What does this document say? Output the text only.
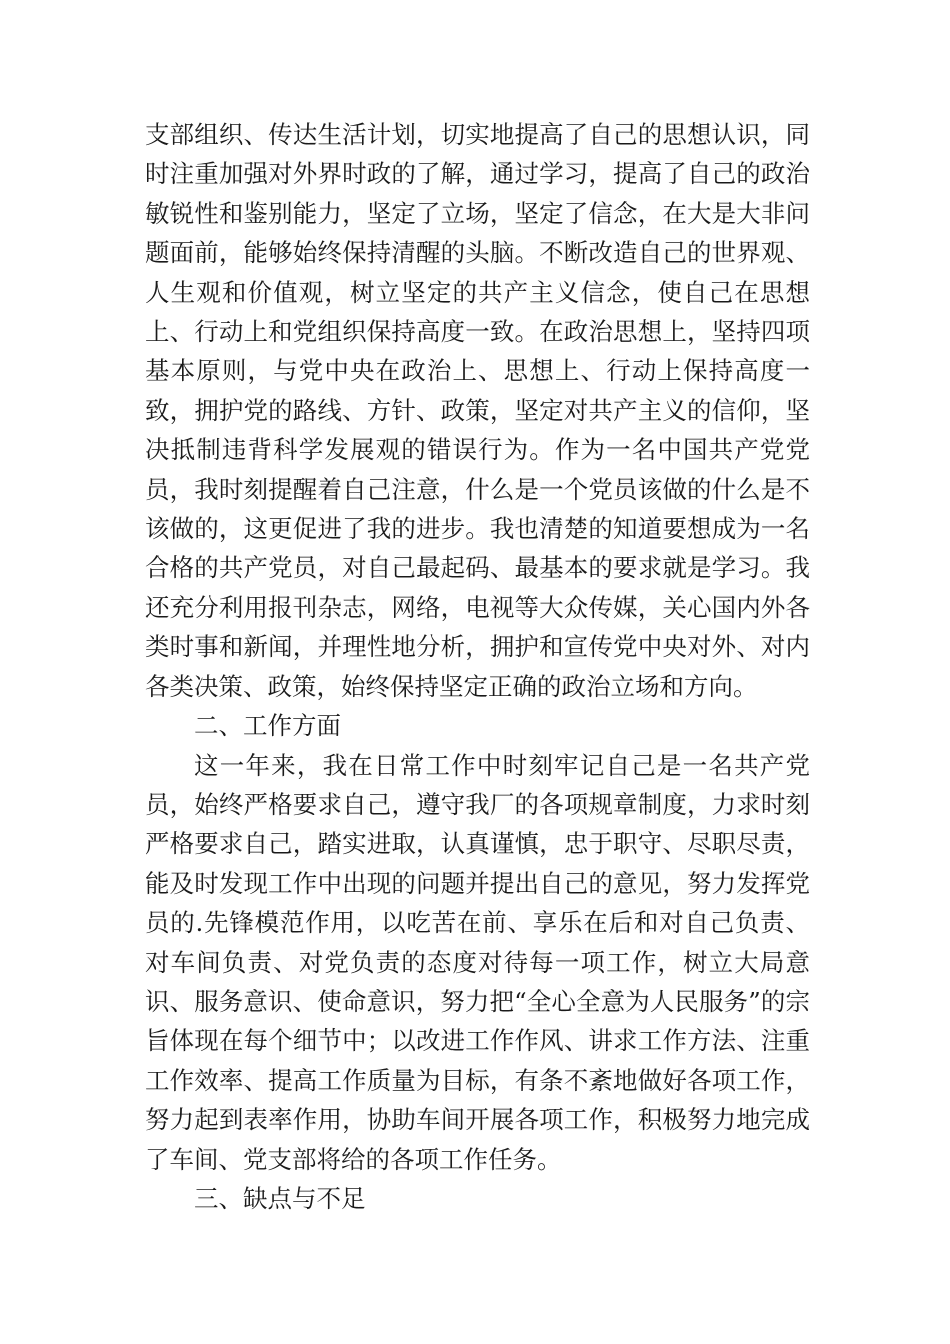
支部组织、传达生活计划，切实地提高了自己的思想认识，同时注重加强对外界时政的了解，通过学习，提高了自己的政治敏锐性和鉴别能力，坚定了立场，坚定了信念，在大是大非问题面前，能够始终保持清醒的头脑。不断改造自己的世界观、人生观和价值观，树立坚定的共产主义信念，使自己在思想上、行动上和党组织保持高度一致。在政治思想上，坚持四项基本原则，与党中央在政治上、思想上、行动上保持高度一致，拥护党的路线、方针、政策，坚定对共产主义的信仰，坚决抵制违背科学发展观的错误行为。作为一名中国共产党党员，我时刻提醒着自己注意，什么是一个党员该做的什么是不该做的，这更促进了我的进步。我也清楚的知道要想成为一名合格的共产党员，对自己最起码、最基本的要求就是学习。我还充分利用报刊杂志，网络，电视等大众传媒，关心国内外各类时事和新闻，并理性地分析，拥护和宣传党中央对外、对内各类决策、政策，始终保持坚定正确的政治立场和方向。

二、工作方面

这一年来，我在日常工作中时刻牢记自己是一名共产党员，始终严格要求自己，遵守我厂的各项规章制度，力求时刻严格要求自己，踏实进取，认真谨慎，忠于职守、尽职尽责，能及时发现工作中出现的问题并提出自己的意见，努力发挥党员的.先锋模范作用，以吃苦在前、享乐在后和对自己负责、对车间负责、对党负责的态度对待每一项工作，树立大局意识、服务意识、使命意识，努力把“全心全意为人民服务”的宗旨体现在每个细节中；以改进工作作风、讲求工作方法、注重工作效率、提高工作质量为目标，有条不紊地做好各项工作，努力起到表率作用，协助车间开展各项工作，积极努力地完成了车间、党支部将给的各项工作任务。

三、缺点与不足
